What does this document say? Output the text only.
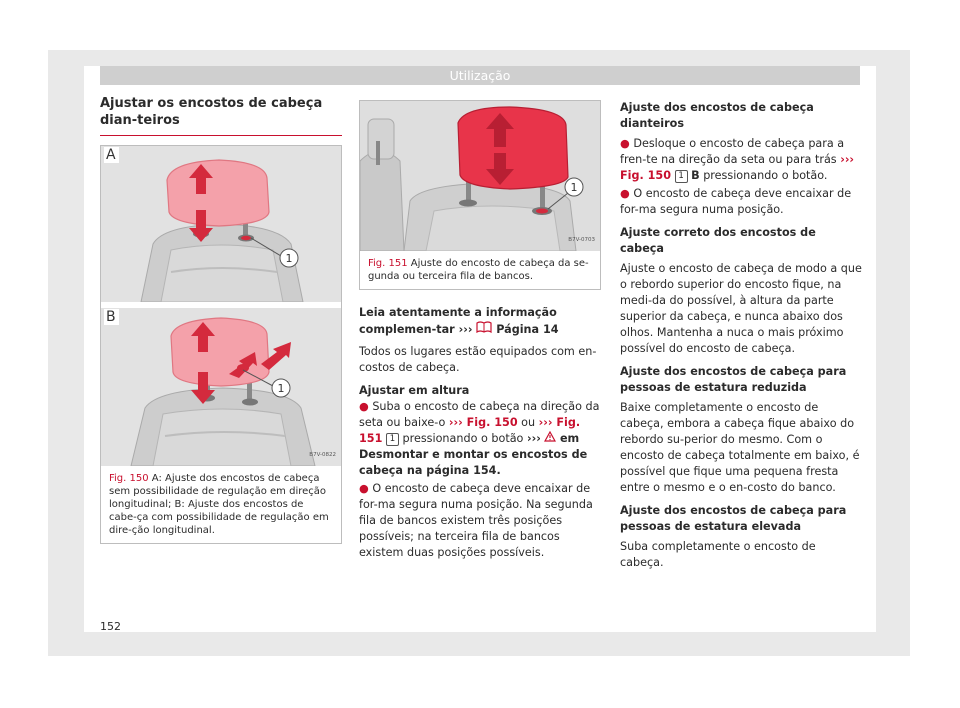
Utilização
Ajustar os encostos de cabeça dian-teiros
1
A
1
B
B7V-0822
Fig. 150 A: Ajuste dos encostos de cabeça sem possibilidade de regulação em direção longitudinal; B: Ajuste dos encostos de cabe-ça com possibilidade de regulação em dire-ção longitudinal.
1
B7V-0703
Fig. 151 Ajuste do encosto de cabeça da se-gunda ou terceira fila de bancos.

Leia atentamente a informação complemen-tar ››› Página 14

Todos os lugares estão equipados com en-costos de cabeça.

Ajustar em altura

● Suba o encosto de cabeça na direção da seta ou baixe-o ››› Fig. 150 ou ››› Fig. 151 1 pressionando o botão ››› em Desmontar e montar os encostos de cabeça na página 154.

● O encosto de cabeça deve encaixar de for-ma segura numa posição. Na segunda fila de bancos existem três posições possíveis; na terceira fila de bancos existem duas posições possíveis.

Ajuste dos encostos de cabeça dianteiros

● Desloque o encosto de cabeça para a fren-te na direção da seta ou para trás ››› Fig. 150 1 B pressionando o botão.

● O encosto de cabeça deve encaixar de for-ma segura numa posição.

Ajuste correto dos encostos de cabeça

Ajuste o encosto de cabeça de modo a que o rebordo superior do encosto fique, na medi-da do possível, à altura da parte superior da cabeça, e nunca abaixo dos olhos. Mantenha a nuca o mais próximo possível do encosto de cabeça.

Ajuste dos encostos de cabeça para pessoas de estatura reduzida

Baixe completamente o encosto de cabeça, embora a cabeça fique abaixo do rebordo su-perior do mesmo. Com o encosto de cabeça totalmente em baixo, é possível que fique uma pequena fresta entre o mesmo e o en-costo do banco.

Ajuste dos encostos de cabeça para pessoas de estatura elevada

Suba completamente o encosto de cabeça.

152
